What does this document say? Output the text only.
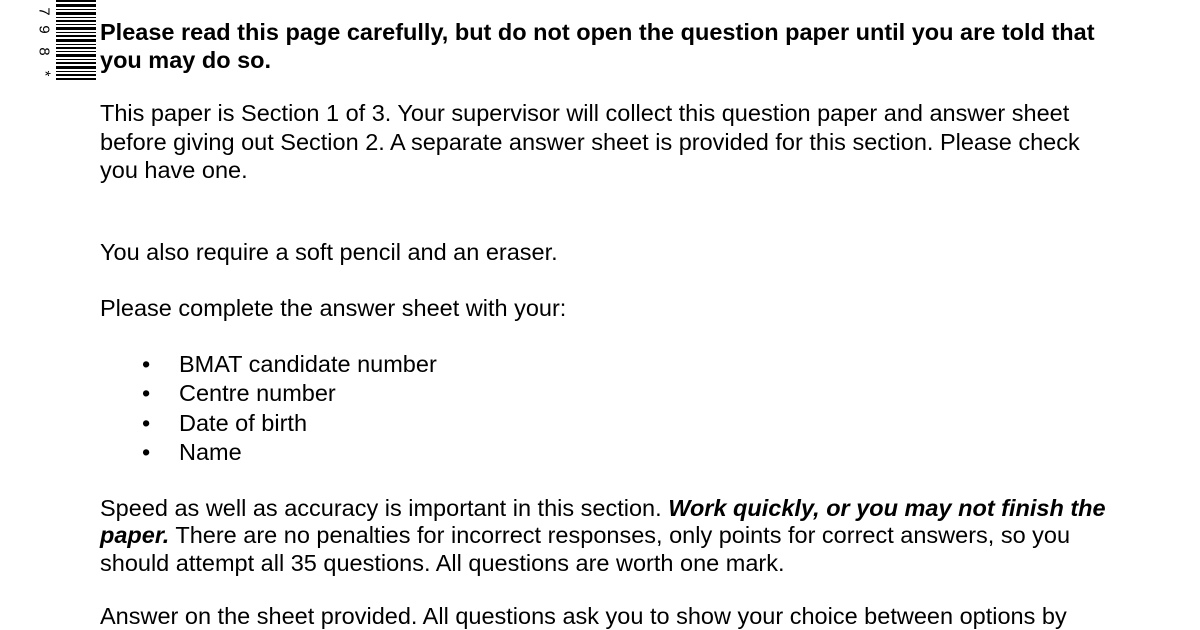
7
9
8
*
Please read this page carefully, but do not open the question paper until you are told that you may do so.

This paper is Section 1 of 3. Your supervisor will collect this question paper and answer sheet before giving out Section 2. A separate answer sheet is provided for this section. Please check you have one.

You also require a soft pencil and an eraser.

Please complete the answer sheet with your:

• BMAT candidate number
• Centre number
• Date of birth
• Name

Speed as well as accuracy is important in this section. Work quickly, or you may not finish the paper. There are no penalties for incorrect responses, only points for correct answers, so you should attempt all 35 questions. All questions are worth one mark.

Answer on the sheet provided. All questions ask you to show your choice between options by
